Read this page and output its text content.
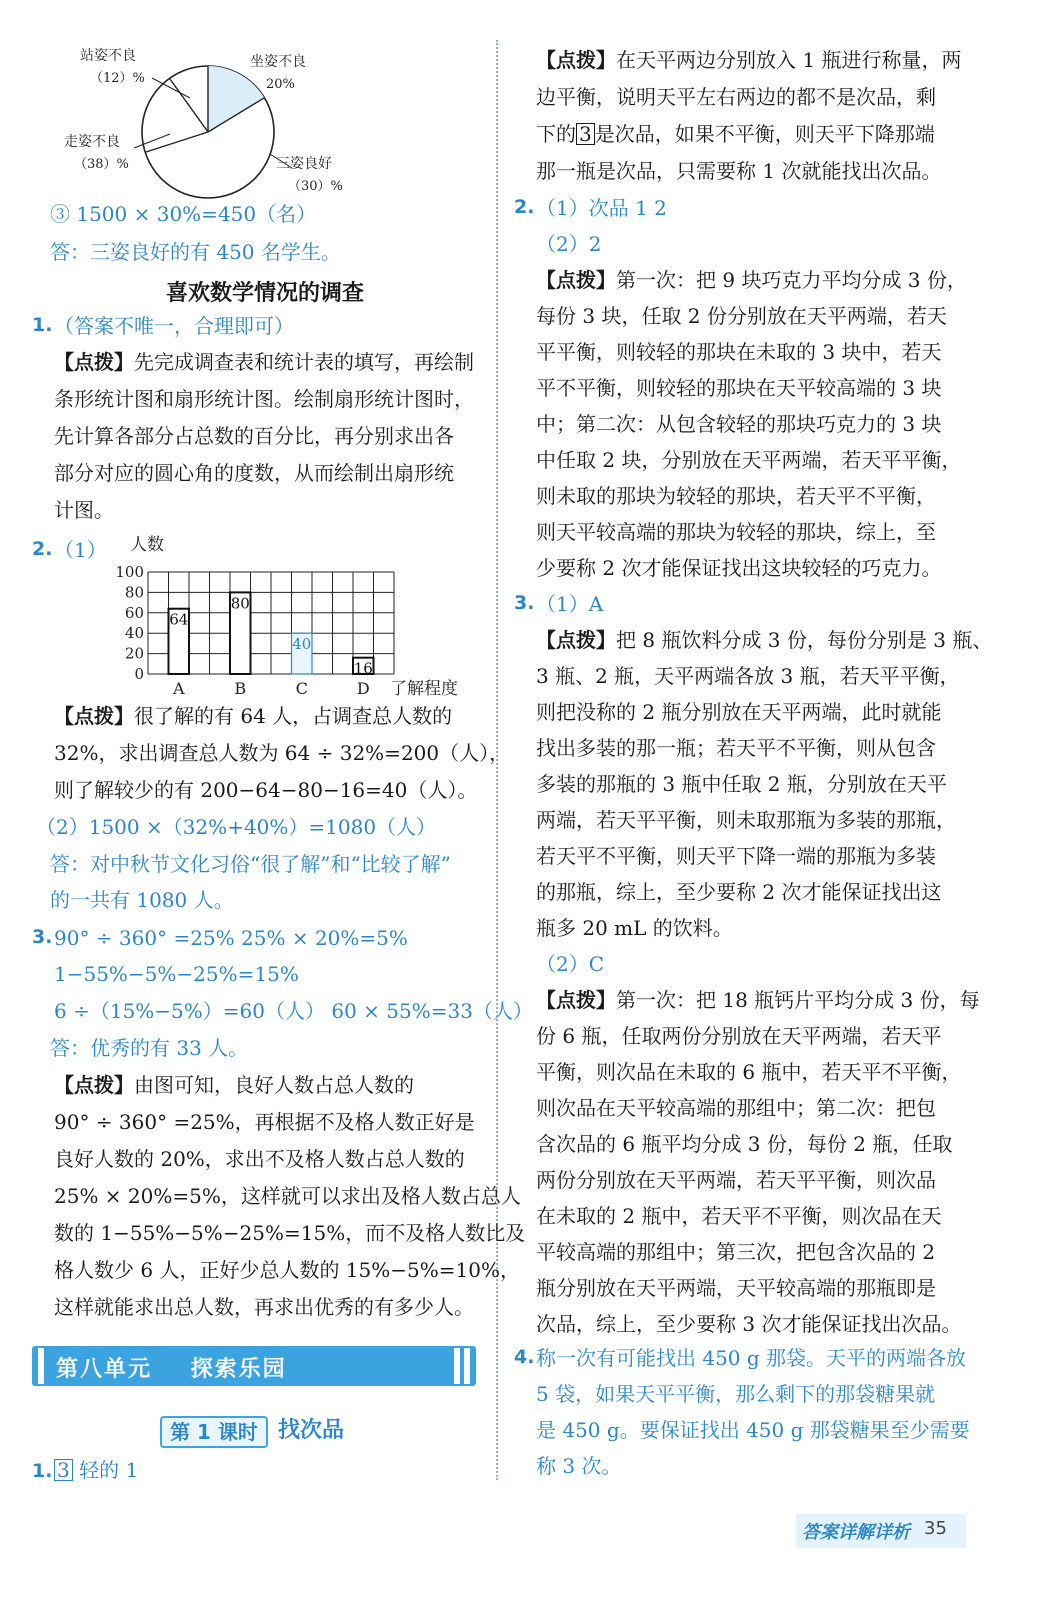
站姿不良
（12）%
坐姿不良
20%
走姿不良
（38）%	三姿良好
（30）%
③ 1500 × 30%=450（名）
答：三姿良好的有 450 名学生。
喜欢数学情况的调查
1. （答案不唯一，合理即可）
【点拨】先完成调查表和统计表的填写，再绘制
条形统计图和扇形统计图。绘制扇形统计图时，
先计算各部分占总数的百分比，再分别求出各
部分对应的圆心角的度数，从而绘制出扇形统
计图。
2. （1） 人数
0
20
40
60
80
100
64
A
80
B
40
C
16
D 了解程度
【点拨】很了解的有 64 人，占调查总人数的
32%，求出调查总人数为 64 ÷ 32%=200（人），
则了解较少的有 200−64−80−16=40（人）。
（2）1500 ×（32%+40%）=1080（人）
答：对中秋节文化习俗“很了解”和“比较了解”
的一共有 1080 人。
3. 90° ÷ 360° =25% 25% × 20%=5%
1−55%−5%−25%=15%
6 ÷（15%−5%）=60（人） 60 × 55%=33（人）
答：优秀的有 33 人。
【点拨】由图可知，良好人数占总人数的
90° ÷ 360° =25%，再根据不及格人数正好是
良好人数的 20%，求出不及格人数占总人数的
25% × 20%=5%，这样就可以求出及格人数占总人
数的 1−55%−5%−25%=15%，而不及格人数比及
格人数少 6 人，正好少总人数的 15%−5%=10%，
这样就能求出总人数，再求出优秀的有多少人。
第八单元    探索乐园
第 1 课时 找次品
1. 3 轻的 1
【点拨】在天平两边分别放入 1 瓶进行称量，两
边平衡，说明天平左右两边的都不是次品，剩
下的 3 是次品，如果不平衡，则天平下降那端
那一瓶是次品，只需要称 1 次就能找出次品。
2. （1）次品 1 2
（2）2
【点拨】第一次：把 9 块巧克力平均分成 3 份，
每份 3 块，任取 2 份分别放在天平两端，若天
平平衡，则较轻的那块在未取的 3 块中，若天
平不平衡，则较轻的那块在天平较高端的 3 块
中；第二次：从包含较轻的那块巧克力的 3 块
中任取 2 块，分别放在天平两端，若天平平衡，
则未取的那块为较轻的那块，若天平不平衡，
则天平较高端的那块为较轻的那块，综上，至
少要称 2 次才能保证找出这块较轻的巧克力。
3. （1）A
【点拨】把 8 瓶饮料分成 3 份，每份分别是 3 瓶、
3 瓶、2 瓶，天平两端各放 3 瓶，若天平平衡，
则把没称的 2 瓶分别放在天平两端，此时就能
找出多装的那一瓶；若天平不平衡，则从包含
多装的那瓶的 3 瓶中任取 2 瓶，分别放在天平
两端，若天平平衡，则未取那瓶为多装的那瓶，
若天平不平衡，则天平下降一端的那瓶为多装
的那瓶，综上，至少要称 2 次才能保证找出这
瓶多 20 mL 的饮料。
（2）C
【点拨】第一次：把 18 瓶钙片平均分成 3 份，每
份 6 瓶，任取两份分别放在天平两端，若天平
平衡，则次品在未取的 6 瓶中，若天平不平衡，
则次品在天平较高端的那组中；第二次：把包
含次品的 6 瓶平均分成 3 份，每份 2 瓶，任取
两份分别放在天平两端，若天平平衡，则次品
在未取的 2 瓶中，若天平不平衡，则次品在天
平较高端的那组中；第三次，把包含次品的 2
瓶分别放在天平两端，天平较高端的那瓶即是
次品，综上，至少要称 3 次才能保证找出次品。
4. 称一次有可能找出 450 g 那袋。天平的两端各放
5 袋，如果天平平衡，那么剩下的那袋糖果就
是 450 g。要保证找出 450 g 那袋糖果至少需要
称 3 次。
答案详解详析 35
